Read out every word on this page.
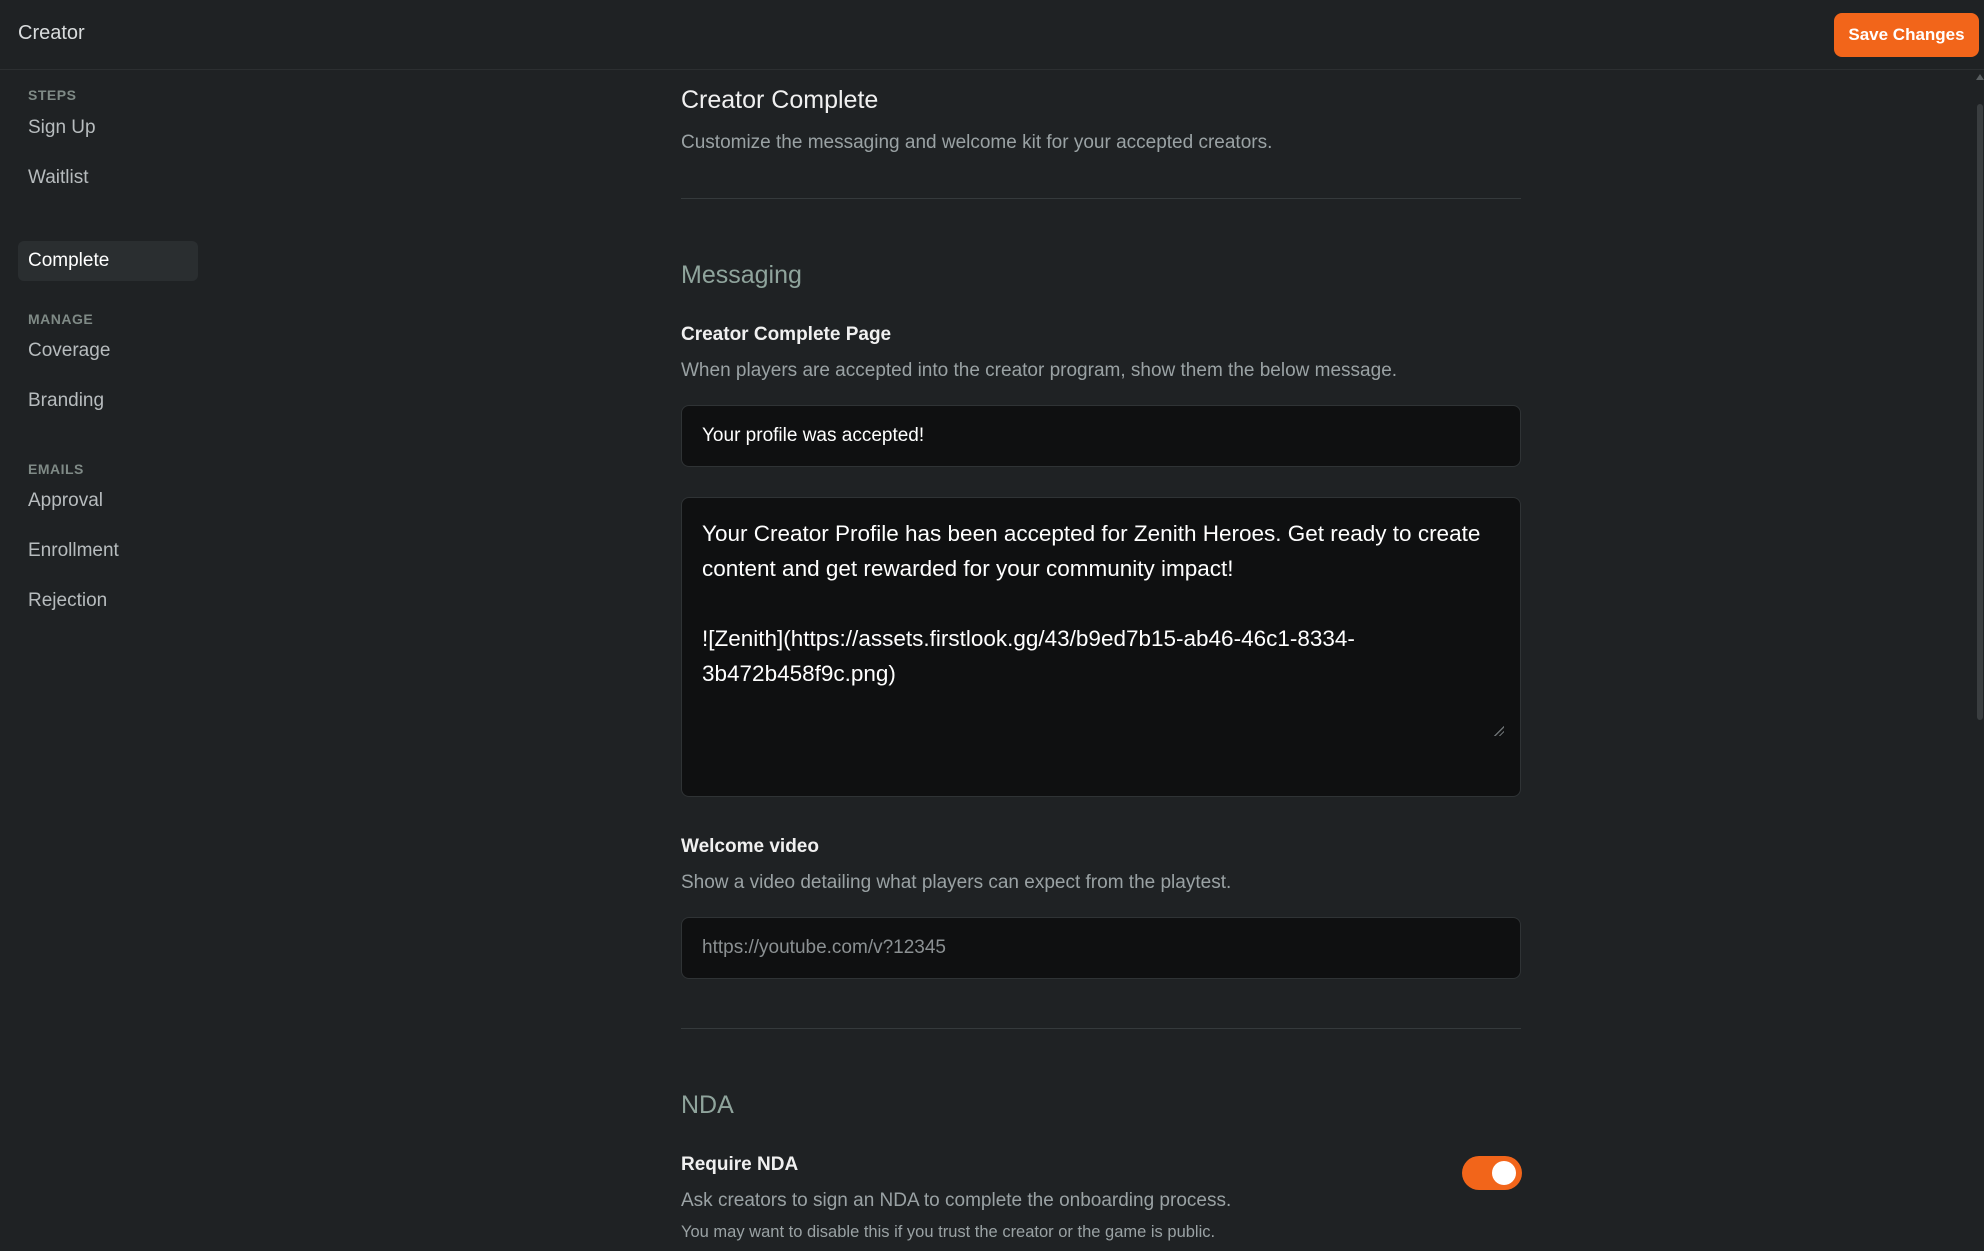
Creator	Save Changes
STEPS
Sign Up
Waitlist
Complete
MANAGE
Coverage
Branding
EMAILS
Approval
Enrollment
Rejection
Creator Complete
Customize the messaging and welcome kit for your accepted creators.
Messaging
Creator Complete Page
When players are accepted into the creator program, show them the below message.
Your profile was accepted!
Your Creator Profile has been accepted for Zenith Heroes. Get ready to create content and get rewarded for your community impact! ![Zenith](https://assets.firstlook.gg/43/b9ed7b15-ab46-46c1-8334-3b472b458f9c.png)
Welcome video
Show a video detailing what players can expect from the playtest.
https://youtube.com/v?12345
NDA
Require NDA
Ask creators to sign an NDA to complete the onboarding process.
You may want to disable this if you trust the creator or the game is public.
